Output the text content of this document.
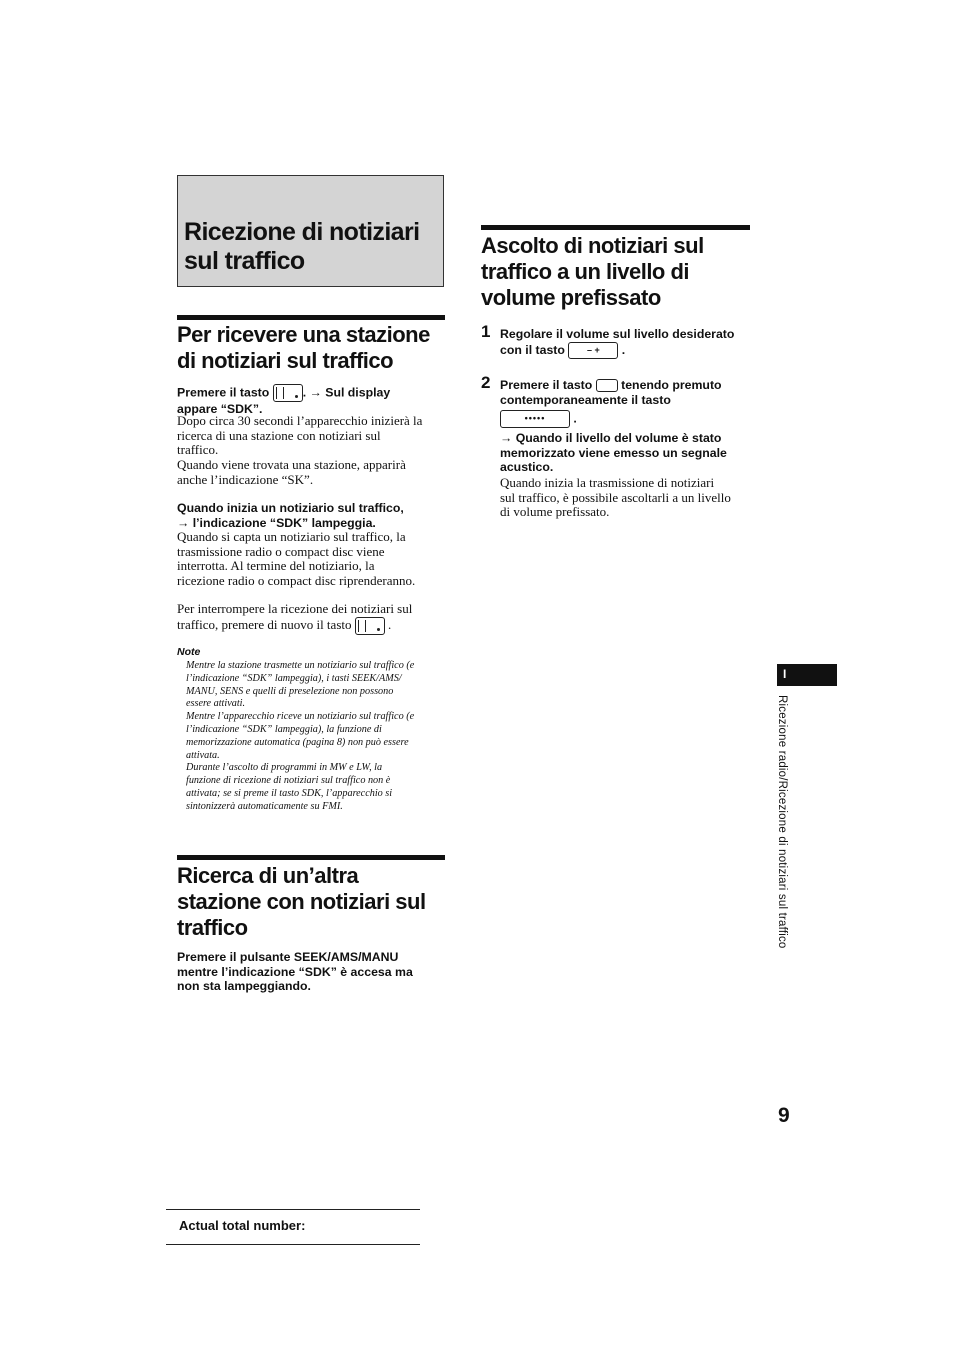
Ricezione di notiziari
sul traffico
Per ricevere una stazione
di notiziari sul traffico
Premere il tasto	. → Sul display
appare “SDK”.
Dopo circa 30 secondi l’apparecchio inizierà la
ricerca di una stazione con notiziari sul
traffico.
Quando viene trovata una stazione, apparirà
anche l’indicazione “SK”.
Quando inizia un notiziario sul traffico,
→ l’indicazione “SDK” lampeggia.
Quando si capta un notiziario sul traffico, la
trasmissione radio o compact disc viene
interrotta. Al termine del notiziario, la
ricezione radio o compact disc riprenderanno.
Per interrompere la ricezione dei notiziari sul
traffico, premere di nuovo il tasto	.
Note
Mentre la stazione trasmette un notiziario sul traffico (e
l’indicazione “SDK” lampeggia), i tasti SEEK/AMS/
MANU, SENS e quelli di preselezione non possono
essere attivati.
Mentre l’apparecchio riceve un notiziario sul traffico (e
l’indicazione “SDK” lampeggia), la funzione di
memorizzazione automatica (pagina 8) non può essere
attivata.
Durante l’ascolto di programmi in MW e LW, la
funzione di ricezione di notiziari sul traffico non è
attivata; se si preme il tasto SDK, l’apparecchio si
sintonizzerà automaticamente su FMI.
Ricerca di un’altra
stazione con notiziari sul
traffico
Premere il pulsante SEEK/AMS/MANU
mentre l’indicazione “SDK” è accesa ma
non sta lampeggiando.
Ascolto di notiziari sul
traffico a un livello di
volume prefissato
1 Regolare il volume sul livello desiderato
con il tasto – + .
2 Premere il tasto tenendo premuto
contemporaneamente il tasto
••••• .
→ Quando il livello del volume è stato
memorizzato viene emesso un segnale
acustico.
Quando inizia la trasmissione di notiziari
sul traffico, è possibile ascoltarli a un livello
di volume prefissato.
I
Ricezione radio/Ricezione di notiziari sul traffico
9
Actual total number:
